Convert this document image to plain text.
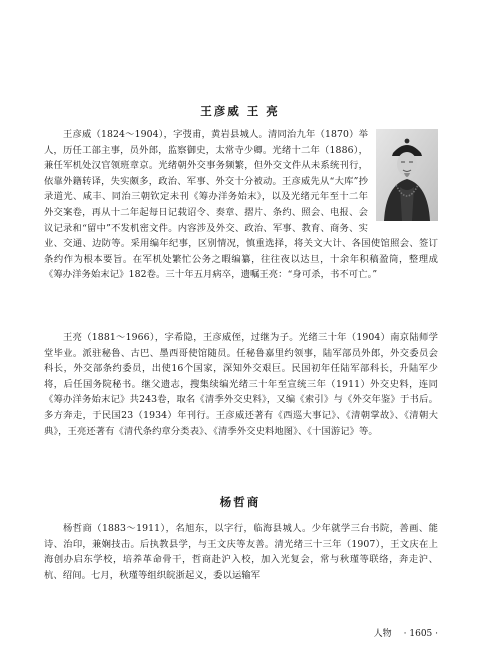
王彦威 王 亮
王彦威（1824～1904），字弢甫，黄岩县城人。清同治九年（1870）举人，历任工部主事，员外郎，监察御史，太常寺少卿。光绪十二年（1886），兼任军机处汉官领班章京。光绪朝外交事务频繁，但外交文件从未系统刊行，依靠外籍转译，失实颇多，政治、军事、外交十分被动。王彦威先从“大库”抄录道光、咸丰、同治三朝钦定未刊《筹办洋务始末》，以及光绪元年至十二年外交案卷，再从十二年起每日记载诏令、奏章、摺片、条约、照会、电报、会议记录和“留中”不发机密文件。内容涉及外交、政治、军事、教育、商务、实业、交通、边防等。采用编年纪事，区别情况，慎重选择，将关文大计、各国使馆照会、签订条约作为根本要旨。在军机处繁忙公务之暇编纂，往往夜以达旦，十余年积稿盈筒，整理成《筹办洋务始末记》182卷。三十年五月病卒，遗嘱王亮：“身可杀，书不可亡。”

王亮（1881～1966），字希隐，王彦威侄，过继为子。光绪三十年（1904）南京陆师学堂毕业。派驻秘鲁、古巴、墨西哥使馆随员。任秘鲁嘉里约领事，陆军部员外郎，外交委员会科长，外交部条约委员，出使16个国家，深知外交艰巨。民国初年任陆军部科长，升陆军少将，后任国务院秘书。继父遗志，搜集续编光绪三十年至宣统三年（1911）外交史料，连同《筹办洋务始末记》共243卷，取名《清季外交史料》，又编《索引》与《外交年鉴》于书后。多方奔走，于民国23（1934）年刊行。王彦威还著有《西巡大事记》、《清朝掌故》、《清朝大典》，王亮还著有《清代条约章分类表》、《清季外交史料地图》、《十国游记》等。

杨哲商

杨哲商（1883～1911），名旭东，以字行，临海县城人。少年就学三台书院，善画、能诗、治印，兼娴技击。后执教县学，与王文庆等友善。清光绪三十三年（1907），王文庆在上海创办启东学校，培养革命骨干，哲商赴沪入校，加入光复会，常与秋瑾等联络，奔走沪、杭、绍间。七月，秋瑾等组织皖浙起义，委以运输军

人物 · 1605 ·
